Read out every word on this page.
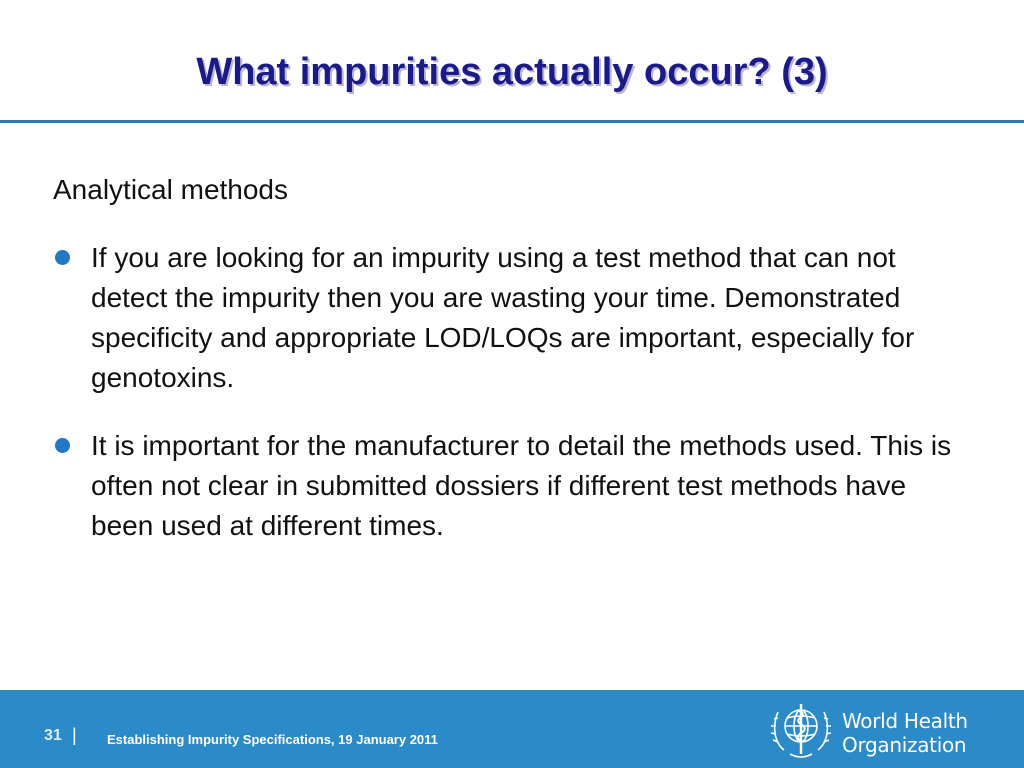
What impurities actually occur? (3)

Analytical methods

If you are looking for an impurity using a test method that can not detect the impurity then you are wasting your time. Demonstrated specificity and appropriate LOD/LOQs are important, especially for genotoxins.
It is important for the manufacturer to detail the methods used. This is often not clear in submitted dossiers if different test methods have been used at different times.
31 | Establishing Impurity Specifications, 19 January 2011
World Health
Organization
